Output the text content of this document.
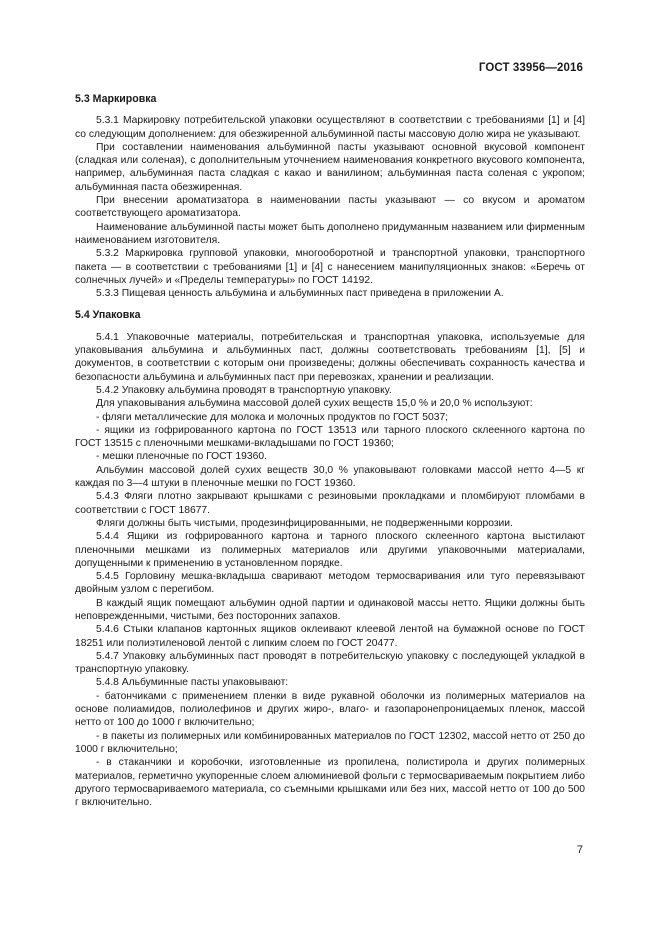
ГОСТ 33956—2016
5.3 Маркировка

5.3.1 Маркировку потребительской упаковки осуществляют в соответствии с требованиями [1] и [4] со следующим дополнением: для обезжиренной альбуминной пасты массовую долю жира не указывают.

При составлении наименования альбуминной пасты указывают основной вкусовой компонент (сладкая или соленая), с дополнительным уточнением наименования конкретного вкусового компонента, например, альбуминная паста сладкая с какао и ванилином; альбуминная паста соленая с укропом; альбуминная паста обезжиренная.

При внесении ароматизатора в наименовании пасты указывают — со вкусом и ароматом соответствующего ароматизатора.

Наименование альбуминной пасты может быть дополнено придуманным названием или фирменным наименованием изготовителя.

5.3.2 Маркировка групповой упаковки, многооборотной и транспортной упаковки, транспортного пакета — в соответствии с требованиями [1] и [4] с нанесением манипуляционных знаков: «Беречь от солнечных лучей» и «Пределы температуры» по ГОСТ 14192.

5.3.3 Пищевая ценность альбумина и альбуминных паст приведена в приложении А.

5.4 Упаковка

5.4.1 Упаковочные материалы, потребительская и транспортная упаковка, используемые для упаковывания альбумина и альбуминных паст, должны соответствовать требованиям [1], [5] и документов, в соответствии с которым они произведены; должны обеспечивать сохранность качества и безопасности альбумина и альбуминных паст при перевозках, хранении и реализации.

5.4.2 Упаковку альбумина проводят в транспортную упаковку.

Для упаковывания альбумина массовой долей сухих веществ 15,0 % и 20,0 % используют:

- фляги металлические для молока и молочных продуктов по ГОСТ 5037;

- ящики из гофрированного картона по ГОСТ 13513 или тарного плоского склеенного картона по ГОСТ 13515 с пленочными мешками-вкладышами по ГОСТ 19360;

- мешки пленочные по ГОСТ 19360.

Альбумин массовой долей сухих веществ 30,0 % упаковывают головками массой нетто 4—5 кг каждая по 3—4 штуки в пленочные мешки по ГОСТ 19360.

5.4.3 Фляги плотно закрывают крышками с резиновыми прокладками и пломбируют пломбами в соответствии с ГОСТ 18677.

Фляги должны быть чистыми, продезинфицированными, не подверженными коррозии.

5.4.4 Ящики из гофрированного картона и тарного плоского склеенного картона выстилают пленочными мешками из полимерных материалов или другими упаковочными материалами, допущенными к применению в установленном порядке.

5.4.5 Горловину мешка-вкладыша сваривают методом термосваривания или туго перевязывают двойным узлом с перегибом.

В каждый ящик помещают альбумин одной партии и одинаковой массы нетто. Ящики должны быть неповрежденными, чистыми, без посторонних запахов.

5.4.6 Стыки клапанов картонных ящиков оклеивают клеевой лентой на бумажной основе по ГОСТ 18251 или полиэтиленовой лентой с липким слоем по ГОСТ 20477.

5.4.7 Упаковку альбуминных паст проводят в потребительскую упаковку с последующей укладкой в транспортную упаковку.

5.4.8 Альбуминные пасты упаковывают:

- батончиками с применением пленки в виде рукавной оболочки из полимерных материалов на основе полиамидов, полиолефинов и других жиро-, влаго- и газопаронепроницаемых пленок, массой нетто от 100 до 1000 г включительно;

- в пакеты из полимерных или комбинированных материалов по ГОСТ 12302, массой нетто от 250 до 1000 г включительно;

- в стаканчики и коробочки, изготовленные из пропилена, полистирола и других полимерных материалов, герметично укупоренные слоем алюминиевой фольги с термосвариваемым покрытием либо другого термосвариваемого материала, со съемными крышками или без них, массой нетто от 100 до 500 г включительно.

7
